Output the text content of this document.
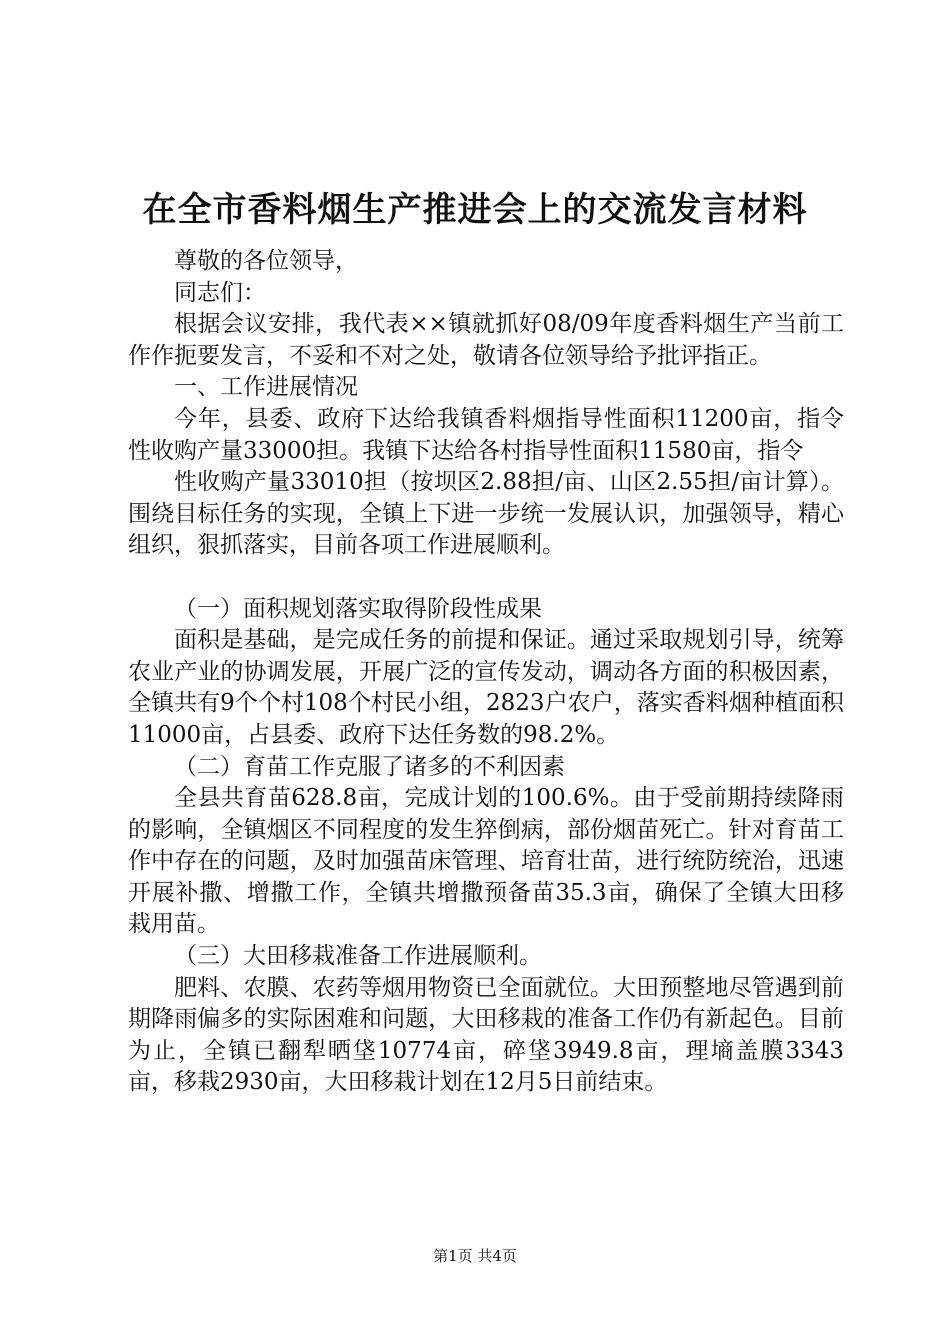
在全市香料烟生产推进会上的交流发言材料

尊敬的各位领导，

同志们：

根据会议安排，我代表××镇就抓好08/09年度香料烟生产当前工作作扼要发言，不妥和不对之处，敬请各位领导给予批评指正。

一、工作进展情况

今年，县委、政府下达给我镇香料烟指导性面积11200亩，指令性收购产量33000担。我镇下达给各村指导性面积11580亩，指令

性收购产量33010担（按坝区2.88担/亩、山区2.55担/亩计算）。围绕目标任务的实现，全镇上下进一步统一发展认识，加强领导，精心组织，狠抓落实，目前各项工作进展顺利。

（一）面积规划落实取得阶段性成果

面积是基础，是完成任务的前提和保证。通过采取规划引导，统筹农业产业的协调发展，开展广泛的宣传发动，调动各方面的积极因素，全镇共有9个个村108个村民小组，2823户农户，落实香料烟种植面积11000亩，占县委、政府下达任务数的98.2%。

（二）育苗工作克服了诸多的不利因素

全县共育苗628.8亩，完成计划的100.6%。由于受前期持续降雨的影响，全镇烟区不同程度的发生猝倒病，部份烟苗死亡。针对育苗工作中存在的问题，及时加强苗床管理、培育壮苗，进行统防统治，迅速开展补撒、增撒工作，全镇共增撒预备苗35.3亩，确保了全镇大田移栽用苗。

（三）大田移栽准备工作进展顺利。

肥料、农膜、农药等烟用物资已全面就位。大田预整地尽管遇到前期降雨偏多的实际困难和问题，大田移栽的准备工作仍有新起色。目前为止，全镇已翻犁晒垡10774亩，碎垡3949.8亩，理墒盖膜3343亩，移栽2930亩，大田移栽计划在12月5日前结束。

第1页 共4页
